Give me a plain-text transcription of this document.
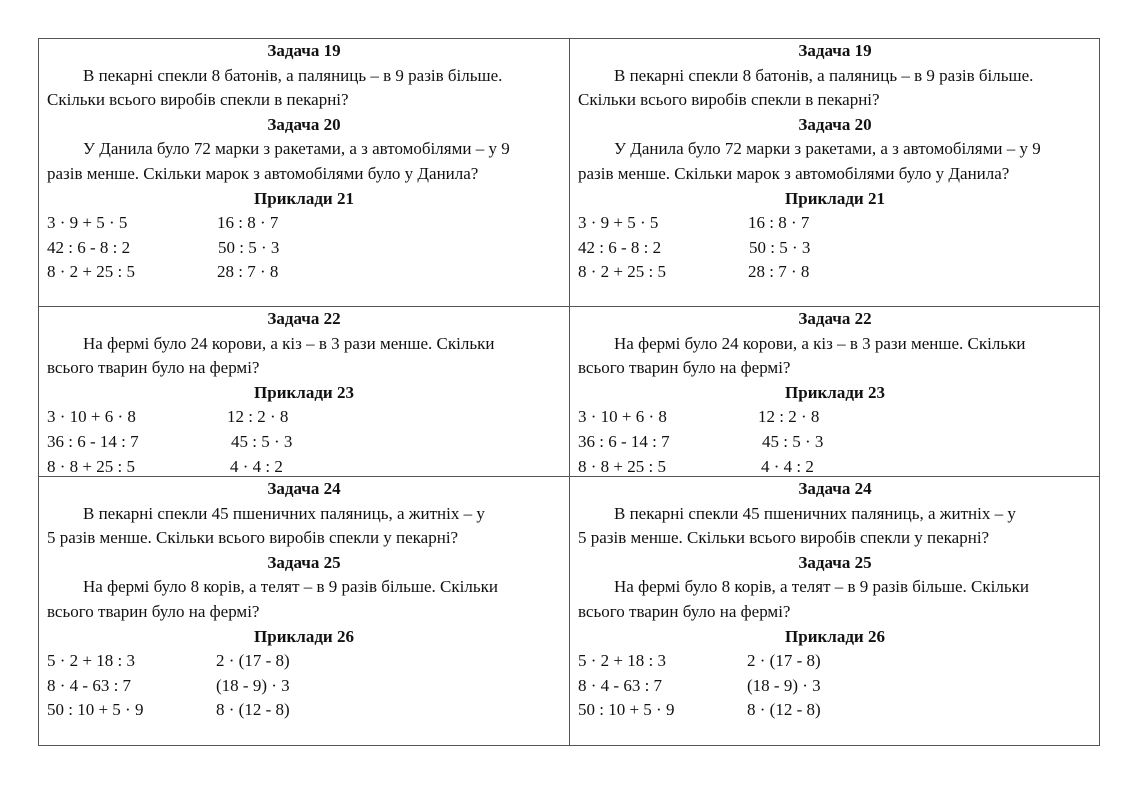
Задача 19
В пекарні спекли 8 батонів, а паляниць – в 9 разів більше.
Скільки всього виробів спекли в пекарні?
Задача 20
У Данила було 72 марки з ракетами, а з автомобілями – у 9
разів менше. Скільки марок з автомобілями було у Данила?
Приклади 21
3 · 9 + 5 · 5	16 : 8 · 7
42 : 6 - 8 : 2	50 : 5 · 3
8 · 2 + 25 : 5	28 : 7 · 8
Задача 19
В пекарні спекли 8 батонів, а паляниць – в 9 разів більше.
Скільки всього виробів спекли в пекарні?
Задача 20
У Данила було 72 марки з ракетами, а з автомобілями – у 9
разів менше. Скільки марок з автомобілями було у Данила?
Приклади 21
3 · 9 + 5 · 5	16 : 8 · 7
42 : 6 - 8 : 2	50 : 5 · 3
8 · 2 + 25 : 5	28 : 7 · 8
Задача 22
На фермі було 24 корови, а кіз – в 3 рази менше. Скільки
всього тварин було на фермі?
Приклади 23
3 · 10 + 6 · 8	12 : 2 · 8
36 : 6 - 14 : 7	45 : 5 · 3
8 · 8 + 25 : 5	4 · 4 : 2
Задача 22
На фермі було 24 корови, а кіз – в 3 рази менше. Скільки
всього тварин було на фермі?
Приклади 23
3 · 10 + 6 · 8	12 : 2 · 8
36 : 6 - 14 : 7	45 : 5 · 3
8 · 8 + 25 : 5	4 · 4 : 2
Задача 24
В пекарні спекли 45 пшеничних паляниць, а житніх – у
5 разів менше. Скільки всього виробів спекли у пекарні?
Задача 25
На фермі було 8 корів, а телят – в 9 разів більше. Скільки
всього тварин було на фермі?
Приклади 26
5 · 2 + 18 : 3	2 · (17 - 8)
8 · 4 - 63 : 7	(18 - 9) · 3
50 : 10 + 5 · 9	8 · (12 - 8)
Задача 24
В пекарні спекли 45 пшеничних паляниць, а житніх – у
5 разів менше. Скільки всього виробів спекли у пекарні?
Задача 25
На фермі було 8 корів, а телят – в 9 разів більше. Скільки
всього тварин було на фермі?
Приклади 26
5 · 2 + 18 : 3	2 · (17 - 8)
8 · 4 - 63 : 7	(18 - 9) · 3
50 : 10 + 5 · 9	8 · (12 - 8)
